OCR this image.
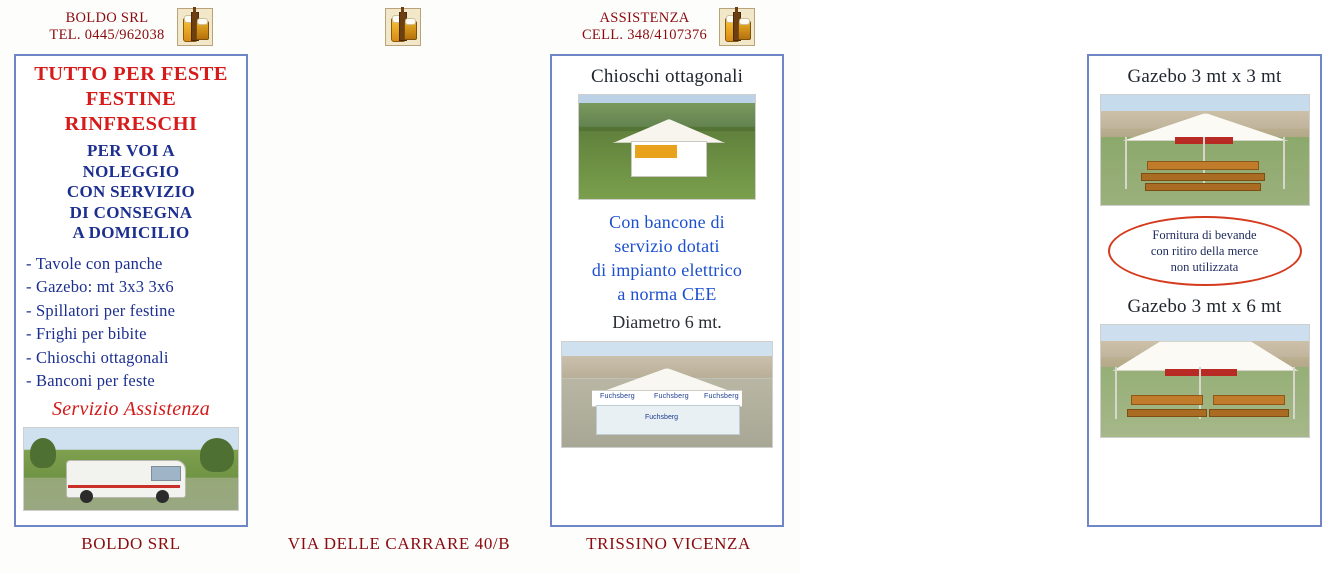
BOLDO SRL
TEL. 0445/962038

TUTTO PER FESTE
FESTINE
RINFRESCHI
PER VOI A
NOLEGGIO
CON SERVIZIO
DI CONSEGNA
A DOMICILIO
- Tavole con panche
- Gazebo: mt 3x3 3x6
- Spillatori per festine
- Frighi per bibite
- Chioschi ottagonali
- Banconi per feste
Servizio Assistenza
BOLDO SRL
Chioschi ottagonali
Con bancone di
servizio dotati
di impianto elettrico
a norma CEE
Diametro 6 mt.
Fuchsberg	Fuchsberg Fuchsberg
Fuchsberg
VIA DELLE CARRARE 40/B
ASSISTENZA
CELL. 348/4107376

Gazebo 3 mt x 3 mt
Fornitura di bevande
con ritiro della merce
non utilizzata
Gazebo 3 mt x 6 mt
TRISSINO VICENZA
